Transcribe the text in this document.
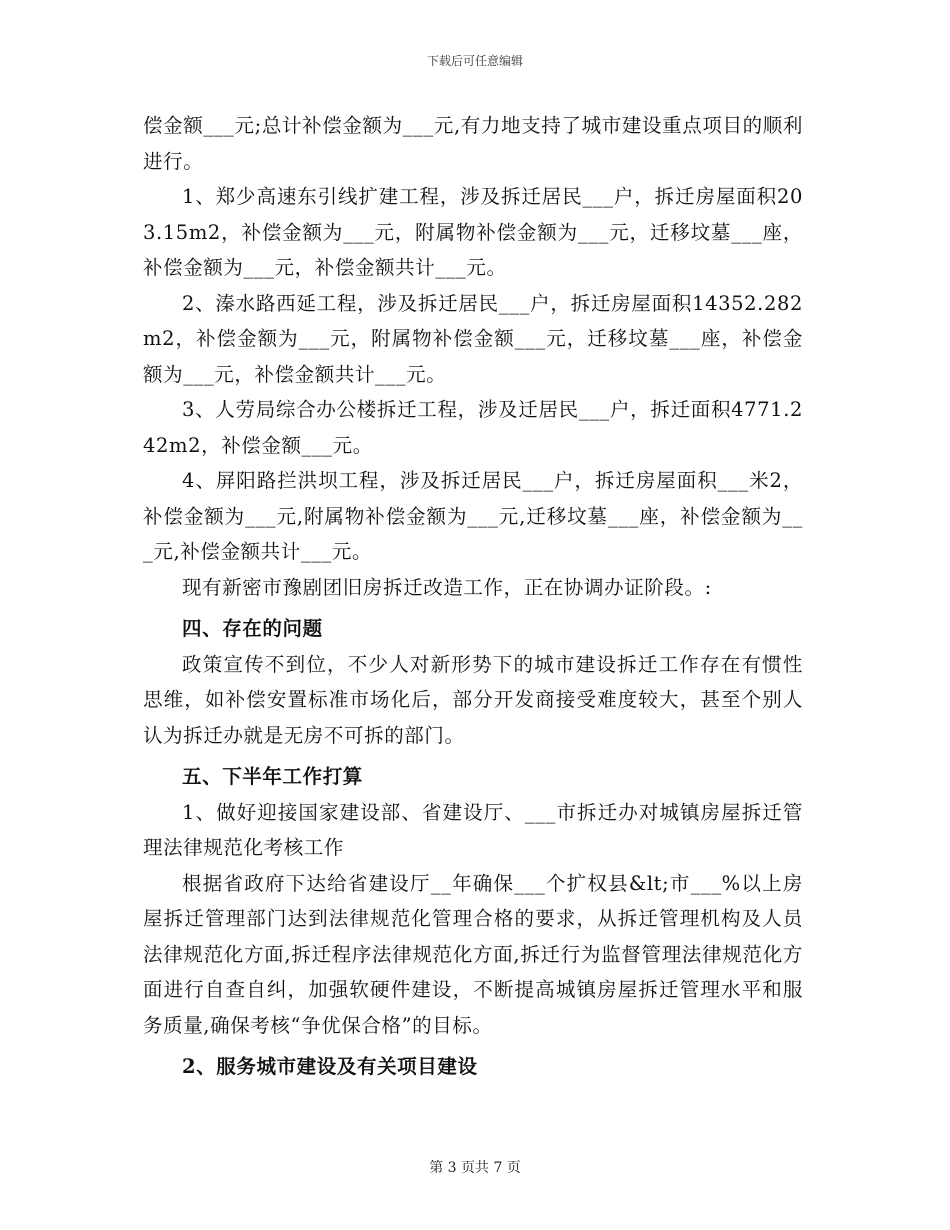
下载后可任意编辑

偿金额___元;总计补偿金额为___元,有力地支持了城市建设重点项目的顺利进行。

1、郑少高速东引线扩建工程，涉及拆迁居民___户，拆迁房屋面积203.15m2，补偿金额为___元，附属物补偿金额为___元，迁移坟墓___座，补偿金额为___元，补偿金额共计___元。

2、溱水路西延工程，涉及拆迁居民___户，拆迁房屋面积14352.282m2，补偿金额为___元，附属物补偿金额___元，迁移坟墓___座，补偿金额为___元，补偿金额共计___元。

3、人劳局综合办公楼拆迁工程，涉及迁居民___户，拆迁面积4771.242m2，补偿金额___元。

4、屏阳路拦洪坝工程，涉及拆迁居民___户，拆迁房屋面积___米2，补偿金额为___元,附属物补偿金额为___元,迁移坟墓___座，补偿金额为___元,补偿金额共计___元。

现有新密市豫剧团旧房拆迁改造工作，正在协调办证阶段。:

四、存在的问题

政策宣传不到位，不少人对新形势下的城市建设拆迁工作存在有惯性思维，如补偿安置标准市场化后，部分开发商接受难度较大，甚至个别人认为拆迁办就是无房不可拆的部门。

五、下半年工作打算

1、做好迎接国家建设部、省建设厅、___市拆迁办对城镇房屋拆迁管理法律规范化考核工作

根据省政府下达给省建设厅__年确保___个扩权县&lt;市___%以上房屋拆迁管理部门达到法律规范化管理合格的要求，从拆迁管理机构及人员法律规范化方面,拆迁程序法律规范化方面,拆迁行为监督管理法律规范化方面进行自查自纠，加强软硬件建设，不断提高城镇房屋拆迁管理水平和服务质量,确保考核“争优保合格”的目标。

2、服务城市建设及有关项目建设

第 3 页共 7 页
